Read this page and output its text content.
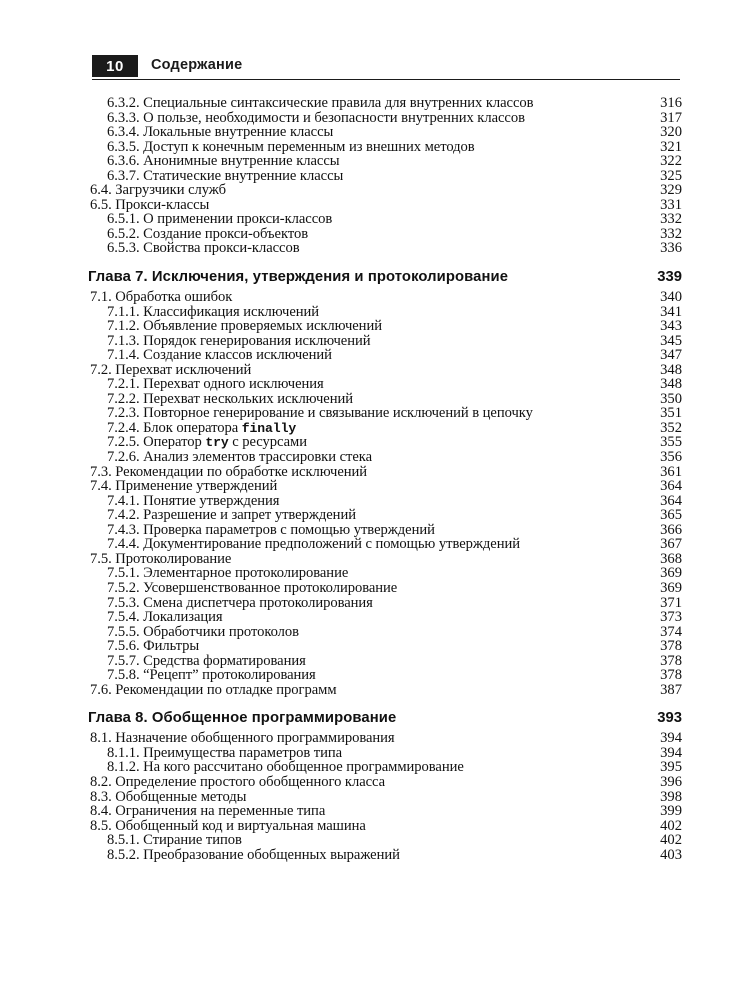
10	Содержание
6.3.2. Специальные синтаксические правила для внутренних классов	316
6.3.3. О пользе, необходимости и безопасности внутренних классов	317
6.3.4. Локальные внутренние классы	320
6.3.5. Доступ к конечным переменным из внешних методов	321
6.3.6. Анонимные внутренние классы	322
6.3.7. Статические внутренние классы	325
6.4. Загрузчики служб	329
6.5. Прокси-классы	331
6.5.1. О применении прокси-классов	332
6.5.2. Создание прокси-объектов	332
6.5.3. Свойства прокси-классов	336
Глава 7. Исключения, утверждения и протоколирование	339
7.1. Обработка ошибок	340
7.1.1. Классификация исключений	341
7.1.2. Объявление проверяемых исключений	343
7.1.3. Порядок генерирования исключений	345
7.1.4. Создание классов исключений	347
7.2. Перехват исключений	348
7.2.1. Перехват одного исключения	348
7.2.2. Перехват нескольких исключений	350
7.2.3. Повторное генерирование и связывание исключений в цепочку	351
7.2.4. Блок оператора finally	352
7.2.5. Оператор try с ресурсами	355
7.2.6. Анализ элементов трассировки стека	356
7.3. Рекомендации по обработке исключений	361
7.4. Применение утверждений	364
7.4.1. Понятие утверждения	364
7.4.2. Разрешение и запрет утверждений	365
7.4.3. Проверка параметров с помощью утверждений	366
7.4.4. Документирование предположений с помощью утверждений	367
7.5. Протоколирование	368
7.5.1. Элементарное протоколирование	369
7.5.2. Усовершенствованное протоколирование	369
7.5.3. Смена диспетчера протоколирования	371
7.5.4. Локализация	373
7.5.5. Обработчики протоколов	374
7.5.6. Фильтры	378
7.5.7. Средства форматирования	378
7.5.8. “Рецепт” протоколирования	378
7.6. Рекомендации по отладке программ	387
Глава 8. Обобщенное программирование	393
8.1. Назначение обобщенного программирования	394
8.1.1. Преимущества параметров типа	394
8.1.2. На кого рассчитано обобщенное программирование	395
8.2. Определение простого обобщенного класса	396
8.3. Обобщенные методы	398
8.4. Ограничения на переменные типа	399
8.5. Обобщенный код и виртуальная машина	402
8.5.1. Стирание типов	402
8.5.2. Преобразование обобщенных выражений	403
